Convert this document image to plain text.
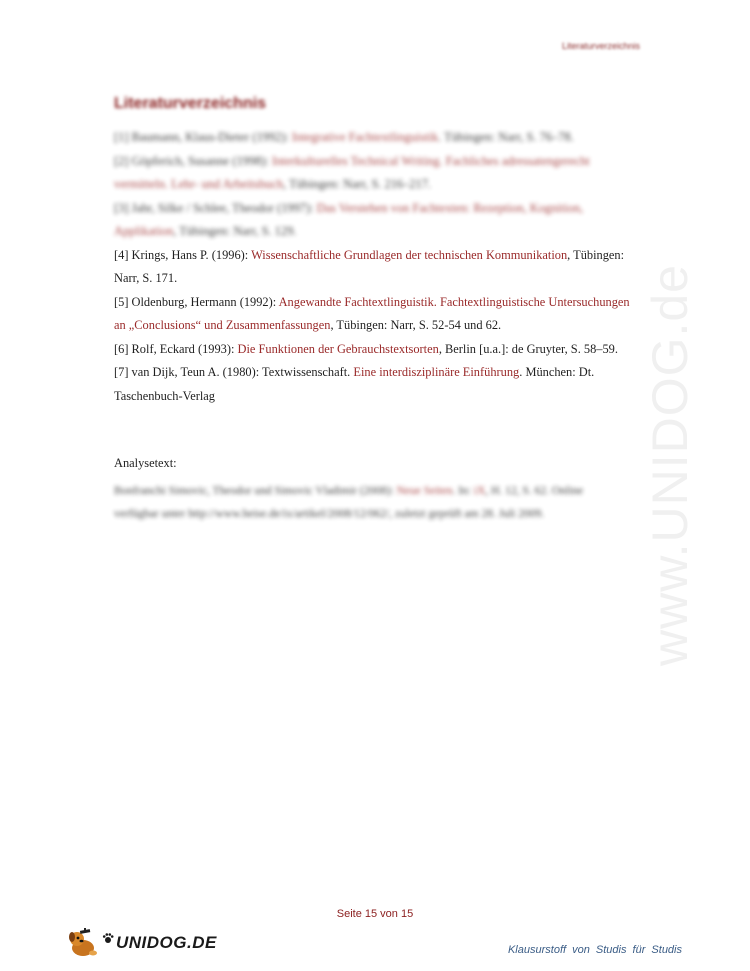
Literaturverzeichnis
Literaturverzeichnis

[1] Baumann, Klaus-Dieter (1992): Integrative Fachtextlinguistik. Tübingen: Narr, S. 76–78.

[2] Göpferich, Susanne (1998): Interkulturelles Technical Writing. Fachliches adressatengerecht vermitteln. Lehr- und Arbeitsbuch, Tübingen: Narr, S. 216–217.

[3] Jahr, Silke / Schlee, Theodor (1997): Das Verstehen von Fachtexten: Rezeption, Kognition, Applikation, Tübingen: Narr, S. 129.

[4] Krings, Hans P. (1996): Wissenschaftliche Grundlagen der technischen Kommunikation, Tübingen: Narr, S. 171.

[5] Oldenburg, Hermann (1992): Angewandte Fachtextlinguistik. Fachtextlinguistische Untersuchungen an „Conclusions“ und Zusammenfassungen, Tübingen: Narr, S. 52-54 und 62.

[6] Rolf, Eckard (1993): Die Funktionen der Gebrauchstextsorten, Berlin [u.a.]: de Gruyter, S. 58–59.

[7] van Dijk, Teun A. (1980): Textwissenschaft. Eine interdisziplinäre Einführung. München: Dt. Taschenbuch-Verlag

Analysetext:

Bonfranchi Simovic, Theodor und Simovic Vladimir (2008): Neue Seiten. In: iX, H. 12, S. 62. Online verfügbar unter http://www.heise.de/ix/artikel/2008/12/062/, zuletzt geprüft am 28. Juli 2009.	www.UNIDOG.de
Seite 15 von 15
UNIDOG.DE	Klausurstoff von Studis für Studis
